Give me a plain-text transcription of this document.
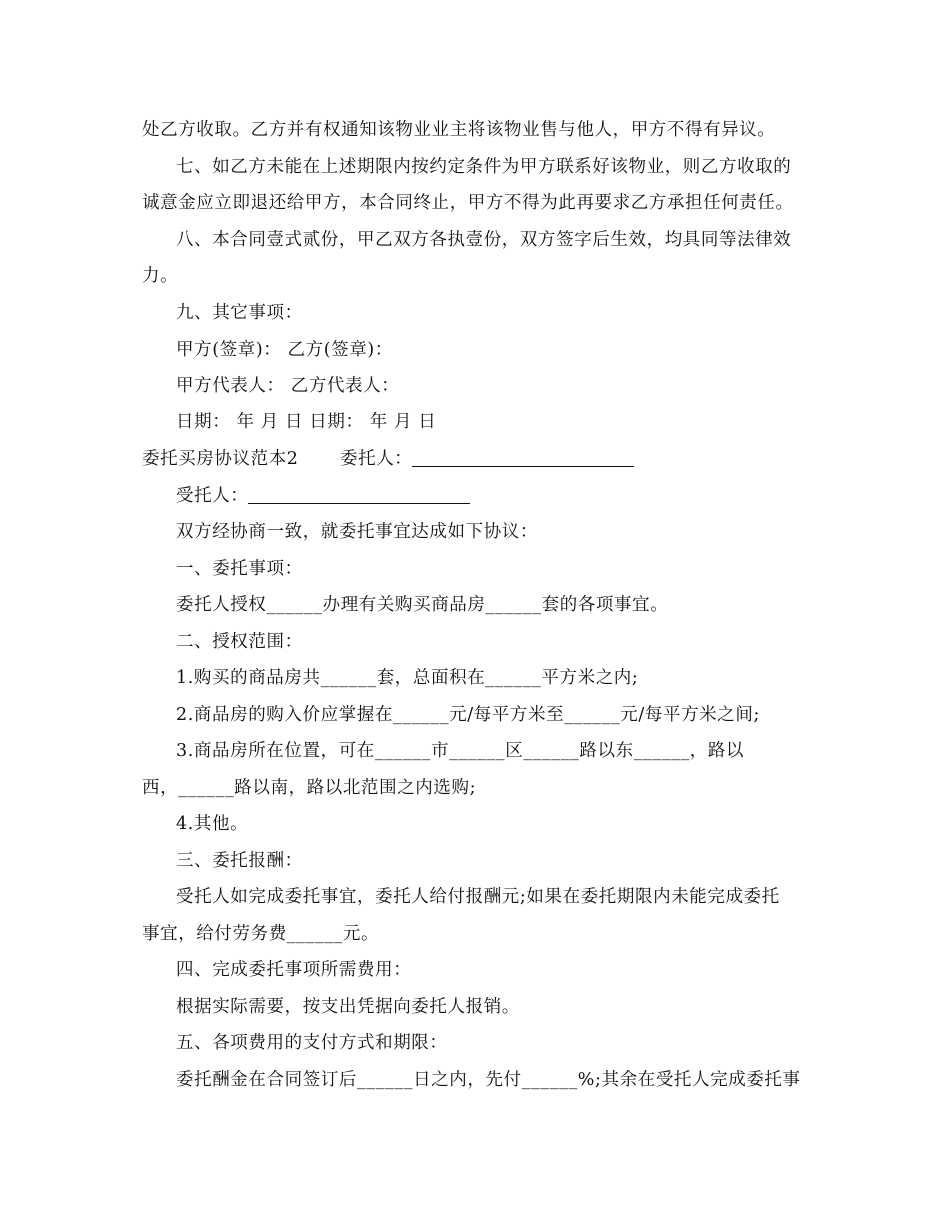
处乙方收取。乙方并有权通知该物业业主将该物业售与他人，甲方不得有异议。
七、如乙方未能在上述期限内按约定条件为甲方联系好该物业，则乙方收取的
诚意金应立即退还给甲方，本合同终止，甲方不得为此再要求乙方承担任何责任。
八、本合同壹式贰份，甲乙双方各执壹份，双方签字后生效，均具同等法律效
力。
九、其它事项：
甲方(签章)： 乙方(签章)：
甲方代表人： 乙方代表人：
日期： 年 月 日 日期： 年 月 日
委托买房协议范本2 委托人：
受托人：
双方经协商一致，就委托事宜达成如下协议：
一、委托事项：
委托人授权______办理有关购买商品房______套的各项事宜。
二、授权范围：
1.购买的商品房共______套，总面积在______平方米之内;
2.商品房的购入价应掌握在______元/每平方米至______元/每平方米之间;
3.商品房所在位置，可在______市______区______路以东______，路以
西，______路以南，路以北范围之内选购;
4.其他。
三、委托报酬：
受托人如完成委托事宜，委托人给付报酬元;如果在委托期限内未能完成委托
事宜，给付劳务费______元。
四、完成委托事项所需费用：
根据实际需要，按支出凭据向委托人报销。
五、各项费用的支付方式和期限：
委托酬金在合同签订后______日之内，先付______%;其余在受托人完成委托事
